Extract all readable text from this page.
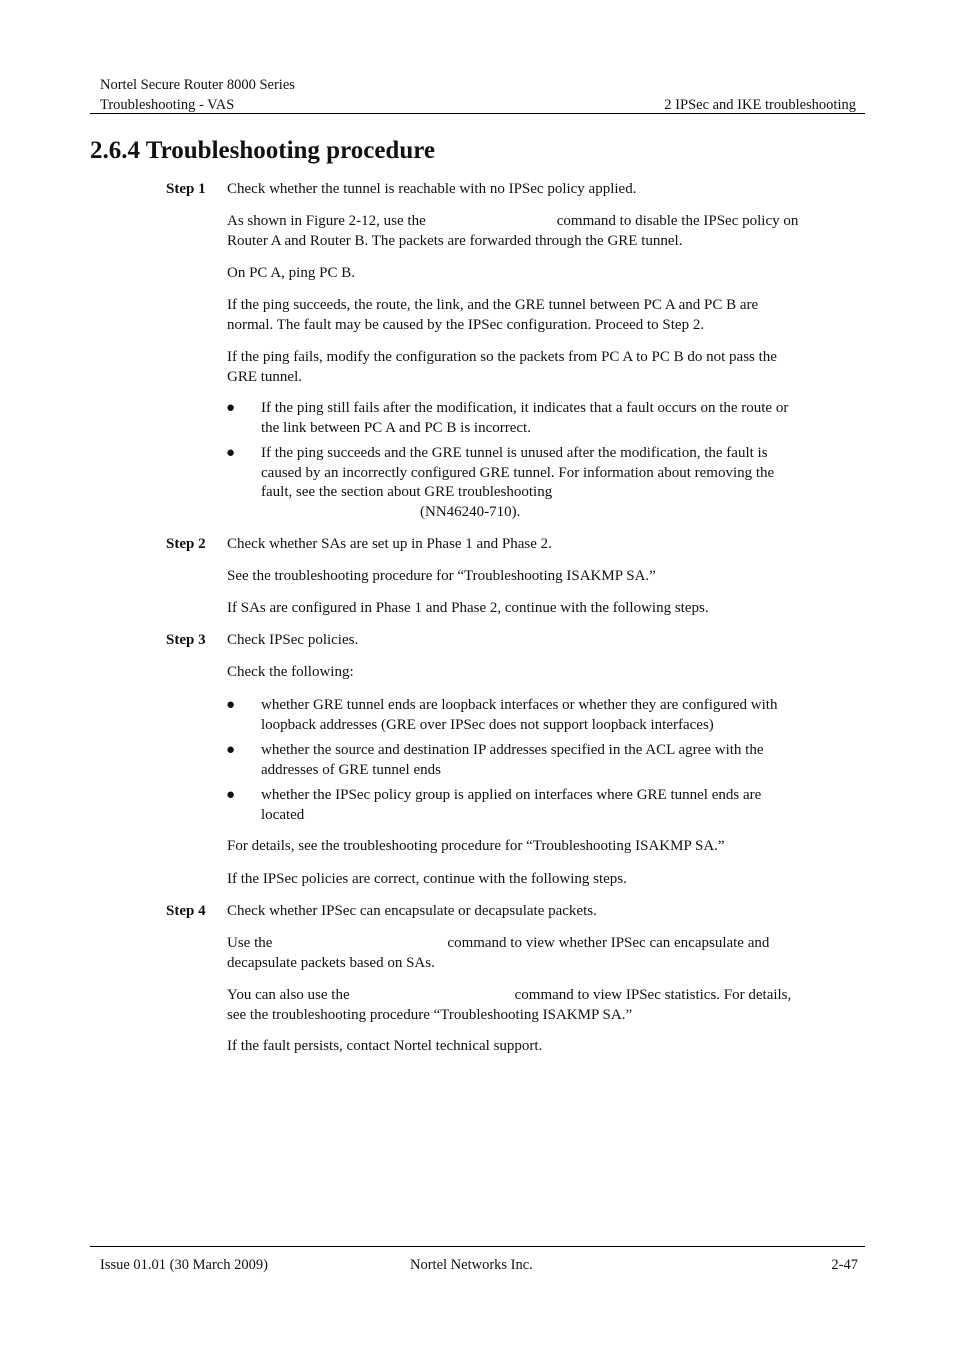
Nortel Secure Router 8000 Series
Troubleshooting - VAS	2 IPSec and IKE troubleshooting
2.6.4 Troubleshooting procedure
Step 1 Check whether the tunnel is reachable with no IPSec policy applied.
As shown in Figure 2-12, use the	command to disable the IPSec policy on
Router A and Router B. The packets are forwarded through the GRE tunnel.
On PC A, ping PC B.
If the ping succeeds, the route, the link, and the GRE tunnel between PC A and PC B are
normal. The fault may be caused by the IPSec configuration. Proceed to Step 2.
If the ping fails, modify the configuration so the packets from PC A to PC B do not pass the
GRE tunnel.
● If the ping still fails after the modification, it indicates that a fault occurs on the route or
the link between PC A and PC B is incorrect.
● If the ping succeeds and the GRE tunnel is unused after the modification, the fault is
caused by an incorrectly configured GRE tunnel. For information about removing the
fault, see the section about GRE troubleshooting
(NN46240-710).
Step 2 Check whether SAs are set up in Phase 1 and Phase 2.
See the troubleshooting procedure for “Troubleshooting ISAKMP SA.”
If SAs are configured in Phase 1 and Phase 2, continue with the following steps.
Step 3 Check IPSec policies.
Check the following:
● whether GRE tunnel ends are loopback interfaces or whether they are configured with
loopback addresses (GRE over IPSec does not support loopback interfaces)
● whether the source and destination IP addresses specified in the ACL agree with the
addresses of GRE tunnel ends
● whether the IPSec policy group is applied on interfaces where GRE tunnel ends are
located
For details, see the troubleshooting procedure for “Troubleshooting ISAKMP SA.”
If the IPSec policies are correct, continue with the following steps.
Step 4 Check whether IPSec can encapsulate or decapsulate packets.
Use the	command to view whether IPSec can encapsulate and
decapsulate packets based on SAs.
You can also use the	command to view IPSec statistics. For details,
see the troubleshooting procedure “Troubleshooting ISAKMP SA.”
If the fault persists, contact Nortel technical support.
Issue 01.01 (30 March 2009)	Nortel Networks Inc.	2-47
